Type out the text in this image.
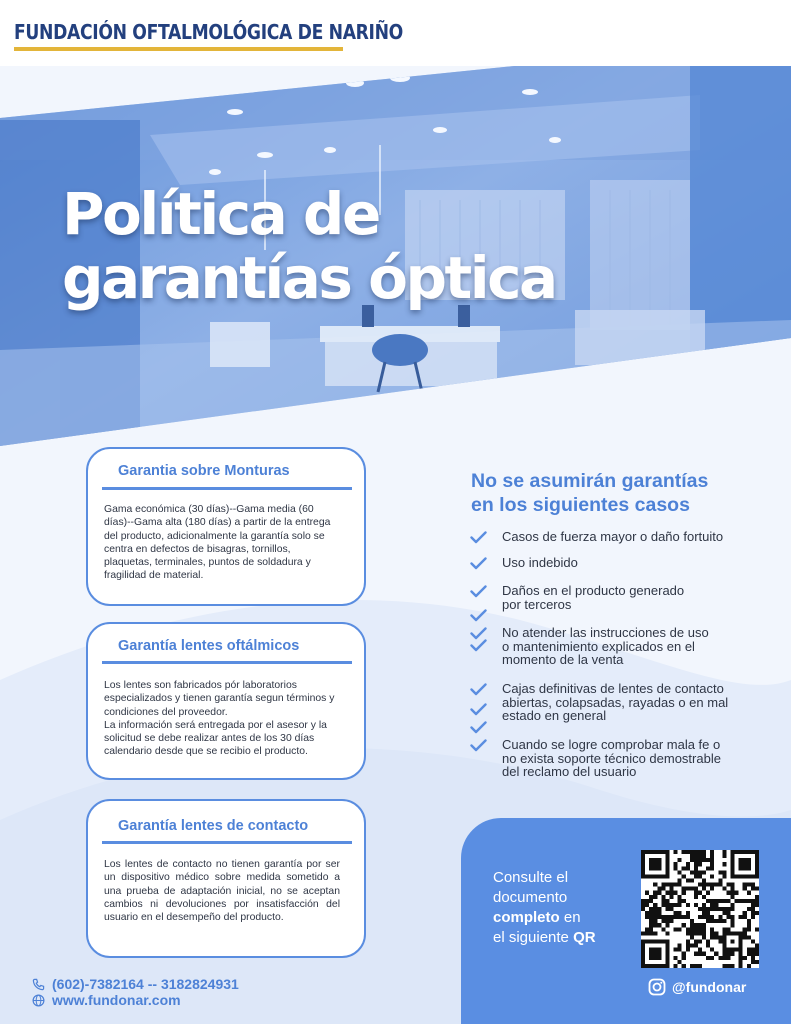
FUNDACIÓN OFTALMOLÓGICA DE NARIÑO
Política de
garantías óptica
Garantia sobre Monturas
Gama económica (30 días)--Gama media (60 días)--Gama alta (180 días) a partir de la entrega del producto, adicionalmente la garantía solo se centra en defectos de bisagras, tornillos, plaquetas, terminales, puntos de soldadura y fragilidad de material.
Garantía lentes oftálmicos
Los lentes son fabricados pór laboratorios especializados y tienen garantía segun términos y condiciones del proveedor.
La información será entregada por el asesor y la solicitud se debe realizar antes de los 30 días calendario desde que se recibio el producto.
Garantía lentes de contacto
Los lentes de contacto no tienen garantía por ser un dispositivo médico sobre medida sometido a una prueba de adaptación inicial, no se aceptan cambios ni devoluciones por insatisfacción del usuario en el desempeño del producto.
No se asumirán garantías
en los siguientes casos
Casos de fuerza mayor o daño fortuito
Uso indebido
Daños en el producto generado
por terceros
No atender las instrucciones de uso
o mantenimiento explicados en el
momento de la venta
Cajas definitivas de lentes de contacto
abiertas, colapsadas, rayadas o en mal
estado en general
Cuando se logre comprobar mala fe o
no exista soporte técnico demostrable
del reclamo del usuario
Consulte el
documento
completo en
el siguiente QR
@fundonar
(602)-7382164 -- 3182824931
www.fundonar.com
